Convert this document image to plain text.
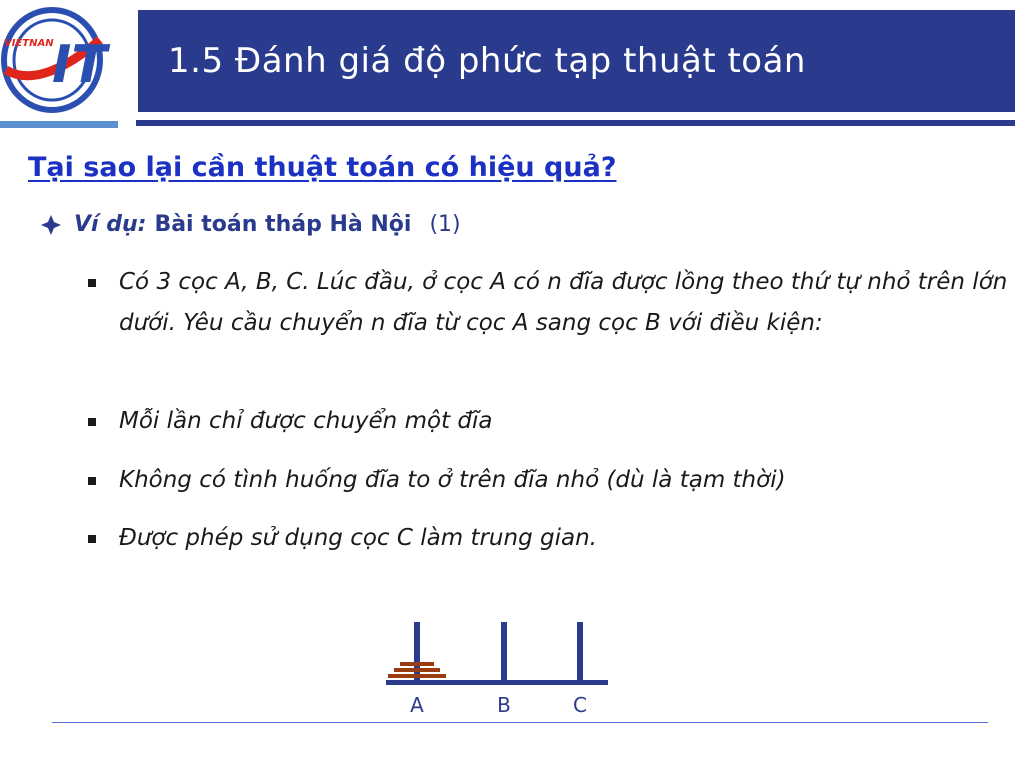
VIETNAN
IT 1.5 Đánh giá độ phức tạp thuật toán
Tại sao lại cần thuật toán có hiệu quả?
Ví dụ: Bài toán tháp Hà Nội (1)
Có 3 cọc A, B, C. Lúc đầu, ở cọc A có n đĩa được lồng theo thứ tự nhỏ trên lớn dưới. Yêu cầu chuyển n đĩa từ cọc A sang cọc B với điều kiện:
Mỗi lần chỉ được chuyển một đĩa
Không có tình huống đĩa to ở trên đĩa nhỏ (dù là tạm thời)
Được phép sử dụng cọc C làm trung gian.
A	B	C
